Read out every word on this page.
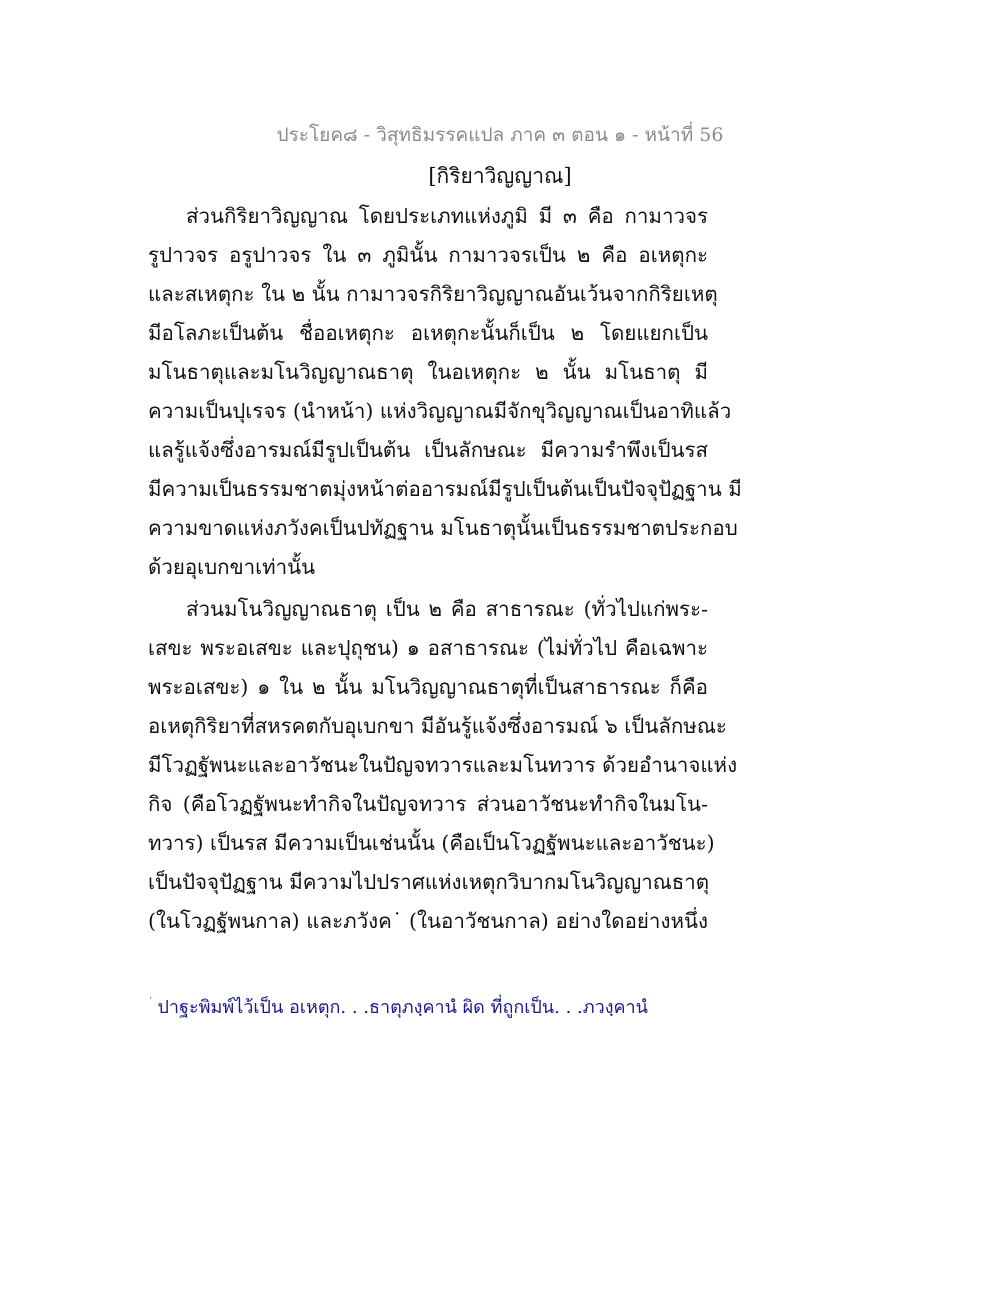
ประโยค๘ - วิสุทธิมรรคแปล ภาค ๓ ตอน ๑ - หน้าที่ 56
[กิริยาวิญญาณ]
ส่วนกิริยาวิญญาณ โดยประเภทแห่งภูมิ มี ๓ คือ กามาวจร
รูปาวจร อรูปาวจร ใน ๓ ภูมินั้น กามาวจรเป็น ๒ คือ อเหตุกะ
และสเหตุกะ ใน ๒ นั้น กามาวจรกิริยาวิญญาณอันเว้นจากกิริยเหตุ
มีอโลภะเป็นต้น ชื่ออเหตุกะ อเหตุกะนั้นก็เป็น ๒ โดยแยกเป็น
มโนธาตุและมโนวิญญาณธาตุ ในอเหตุกะ ๒ นั้น มโนธาตุ มี
ความเป็นปุเรจร (นำหน้า) แห่งวิญญาณมีจักขุวิญญาณเป็นอาทิแล้ว
แลรู้แจ้งซึ่งอารมณ์มีรูปเป็นต้น เป็นลักษณะ มีความรำพึงเป็นรส
มีความเป็นธรรมชาตมุ่งหน้าต่ออารมณ์มีรูปเป็นต้นเป็นปัจจุปัฏฐาน มี
ความขาดแห่งภวังคเป็นปทัฏฐาน มโนธาตุนั้นเป็นธรรมชาตประกอบ
ด้วยอุเบกขาเท่านั้น
ส่วนมโนวิญญาณธาตุ เป็น ๒ คือ สาธารณะ (ทั่วไปแก่พระ-
เสขะ พระอเสขะ และปุถุชน) ๑ อสาธารณะ (ไม่ทั่วไป คือเฉพาะ
พระอเสขะ) ๑ ใน ๒ นั้น มโนวิญญาณธาตุที่เป็นสาธารณะ ก็คือ
อเหตุกิริยาที่สหรคตกับอุเบกขา มีอันรู้แจ้งซึ่งอารมณ์ ๖ เป็นลักษณะ
มีโวฏฐัพนะและอาวัชนะในปัญจทวารและมโนทวาร ด้วยอำนาจแห่ง
กิจ (คือโวฏฐัพนะทำกิจในปัญจทวาร ส่วนอาวัชนะทำกิจในมโน-
ทวาร) เป็นรส มีความเป็นเช่นนั้น (คือเป็นโวฏฐัพนะและอาวัชนะ)
เป็นปัจจุปัฏฐาน มีความไปปราศแห่งเหตุกวิบากมโนวิญญาณธาตุ
(ในโวฏฐัพนกาล) และภวังค˙ (ในอาวัชนกาล) อย่างใดอย่างหนึ่ง
˙ ปาฐะพิมพ์ไว้เป็น อเหตุก. . .ธาตุภงฺคานํ ผิด ที่ถูกเป็น. . .ภวงฺคานํ
